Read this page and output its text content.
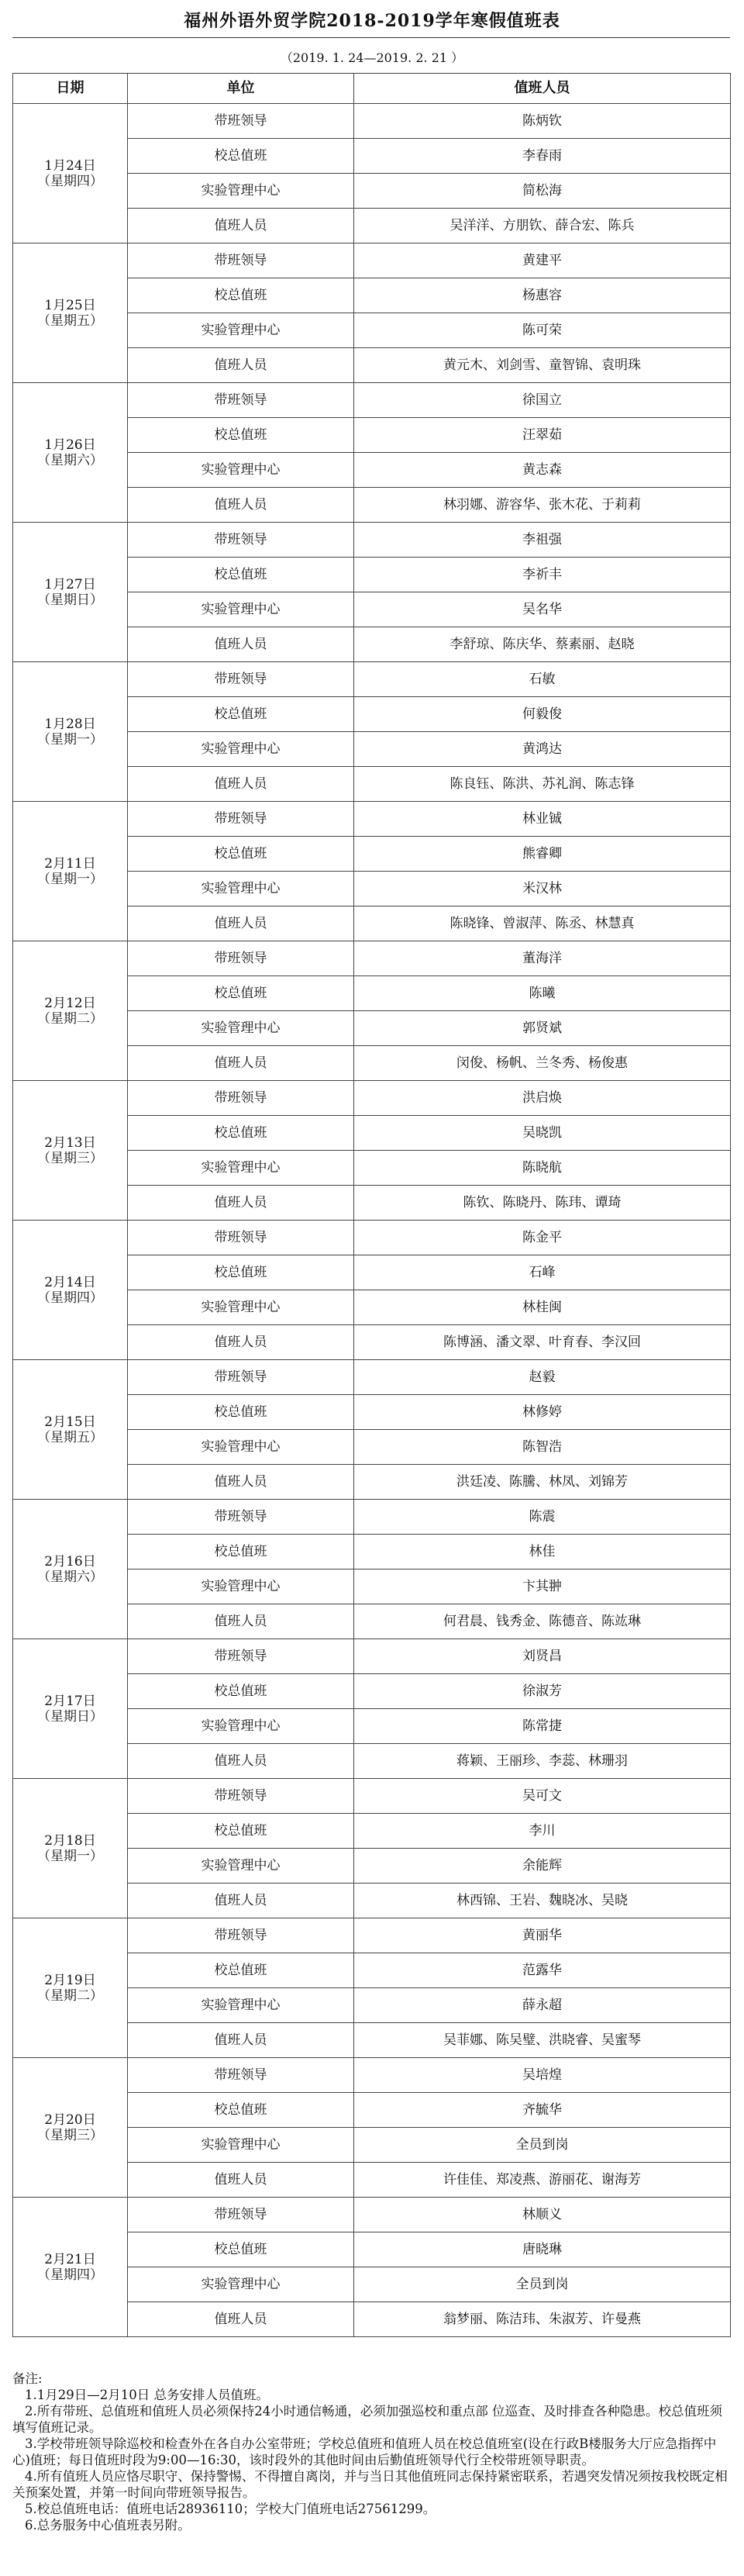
福州外语外贸学院2018-2019学年寒假值班表
（2019. 1. 24—2019. 2. 21 ）
日期	单位	值班人员

1月24日
（星期四）	带班领导	陈炳钦
	校总值班	李春雨
	实验管理中心	简松海
	值班人员	吴洋洋、方朋钦、薛合宏、陈兵

1月25日
（星期五）	带班领导	黄建平
	校总值班	杨惠容
	实验管理中心	陈可荣
	值班人员	黄元木、刘剑雪、童智锦、袁明珠

1月26日
（星期六）	带班领导	徐国立
	校总值班	汪翠茹
	实验管理中心	黄志森
	值班人员	林羽娜、游容华、张木花、于莉莉

1月27日
（星期日）	带班领导	李祖强
	校总值班	李祈丰
	实验管理中心	吴名华
	值班人员	李舒琼、陈庆华、蔡素丽、赵晓

1月28日
（星期一）	带班领导	石敏
	校总值班	何毅俊
	实验管理中心	黄鸿达
	值班人员	陈良钰、陈洪、苏礼润、陈志锋

2月11日
（星期一）	带班领导	林业铖
	校总值班	熊睿卿
	实验管理中心	米汉林
	值班人员	陈晓锋、曾淑萍、陈丞、林慧真

2月12日
（星期二）	带班领导	董海洋
	校总值班	陈曦
	实验管理中心	郭贤斌
	值班人员	闵俊、杨帆、兰冬秀、杨俊惠

2月13日
（星期三）	带班领导	洪启焕
	校总值班	吴晓凯
	实验管理中心	陈晓航
	值班人员	陈钦、陈晓丹、陈玮、谭琦

2月14日
（星期四）	带班领导	陈金平
	校总值班	石峰
	实验管理中心	林桂闽
	值班人员	陈博涵、潘文翠、叶育春、李汉回

2月15日
（星期五）	带班领导	赵毅
	校总值班	林修婷
	实验管理中心	陈智浩
	值班人员	洪廷凌、陈騰、林凤、刘锦芳

2月16日
（星期六）	带班领导	陈震
	校总值班	林佳
	实验管理中心	卞其翀
	值班人员	何君晨、钱秀金、陈德音、陈竑琳

2月17日
（星期日）	带班领导	刘贤昌
	校总值班	徐淑芳
	实验管理中心	陈常捷
	值班人员	蒋颖、王丽珍、李蕊、林珊羽

2月18日
（星期一）	带班领导	吴可文
	校总值班	李川
	实验管理中心	余能辉
	值班人员	林西锦、王岩、魏晓冰、吴晓

2月19日
（星期二）	带班领导	黄丽华
	校总值班	范露华
	实验管理中心	薛永超
	值班人员	吴菲娜、陈吴璧、洪晓睿、吴蜜琴

2月20日
（星期三）	带班领导	吴培煌
	校总值班	齐毓华
	实验管理中心	全员到岗
	值班人员	许佳佳、郑凌燕、游丽花、谢海芳

2月21日
（星期四）	带班领导	林顺义
	校总值班	唐晓琳
	实验管理中心	全员到岗
	值班人员	翁梦丽、陈洁玮、朱淑芳、许曼燕

备注:

1.1月29日—2月10日 总务安排人员值班。

2.所有带班、总值班和值班人员必须保持24小时通信畅通，必须加强巡校和重点部 位巡查、及时排查各种隐患。校总值班须填写值班记录。

3.学校带班领导除巡校和检查外在各自办公室带班；学校总值班和值班人员在校总值班室(设在行政B楼服务大厅应急指挥中心)值班；每日值班时段为9:00—16:30，该时段外的其他时间由后勤值班领导代行全校带班领导职责。

4.所有值班人员应恪尽职守、保持警惕、不得擅自离岗，并与当日其他值班同志保持紧密联系，若遇突发情况须按我校既定相关预案处置，并第一时间向带班领导报告。

5.校总值班电话：值班电话28936110；学校大门值班电话27561299。

6.总务服务中心值班表另附。
